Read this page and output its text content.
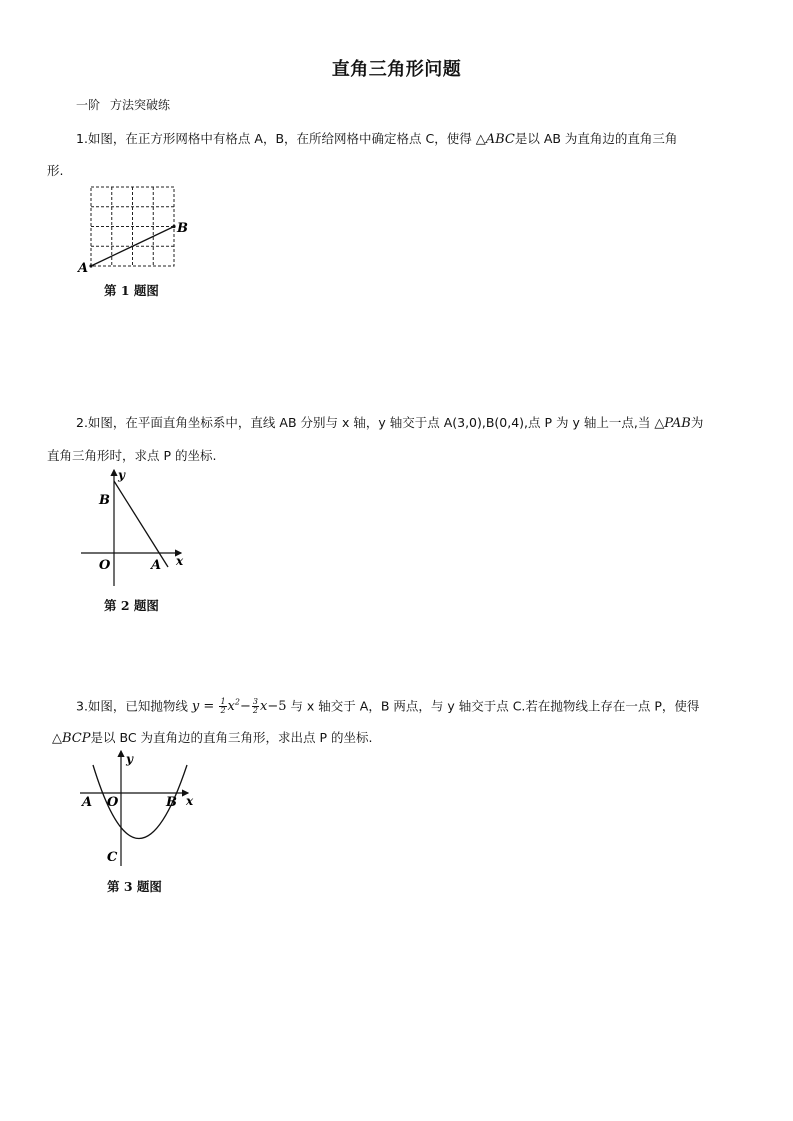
直角三角形问题
一阶 方法突破练
1.如图，在正方形网格中有格点 A，B，在所给网格中确定格点 C，使得 △ABC是以 AB 为直角边的直角三角
形.
A
B
第 1 题图
2.如图，在平面直角坐标系中，直线 AB 分别与 x 轴，y 轴交于点 A(3,0),B(0,4),点 P 为 y 轴上一点,当 △PAB为
直角三角形时，求点 P 的坐标.
y
x
B
O	A
第 2 题图
3.如图，已知抛物线 $y = \frac{1}{2} x^2- \frac{3}{2} x-5$ 与 x 轴交于 A，B 两点，与 y 轴交于点 C.若在抛物线上存在一点 P，使得
△BCP是以 BC 为直角边的直角三角形，求出点 P 的坐标.
y
x
A O	B
C
第 3 题图
